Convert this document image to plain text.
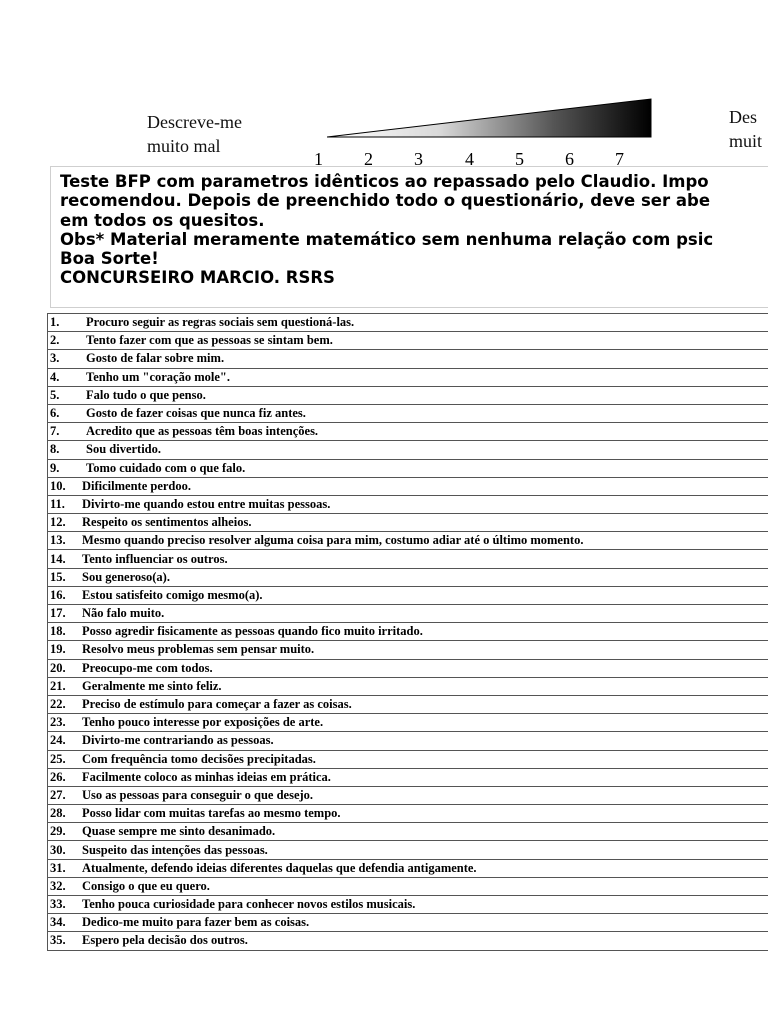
Descreve-me
muito mal
1 2 3 4 5 6 7
Des
muit
Teste BFP com parametros idênticos ao repassado pelo Claudio. Impo
recomendou. Depois de preenchido todo o questionário, deve ser abe
em todos os quesitos.
Obs* Material meramente matemático sem nenhuma relação com psic
Boa Sorte!
CONCURSEIRO MARCIO. RSRS
1.	Procuro seguir as regras sociais sem questioná-las.
2.	Tento fazer com que as pessoas se sintam bem.
3.	Gosto de falar sobre mim.
4.	Tenho um "coração mole".
5.	Falo tudo o que penso.
6.	Gosto de fazer coisas que nunca fiz antes.
7.	Acredito que as pessoas têm boas intenções.
8.	Sou divertido.
9.	Tomo cuidado com o que falo.
10.	Dificilmente perdoo.
11.	Divirto-me quando estou entre muitas pessoas.
12.	Respeito os sentimentos alheios.
13.	Mesmo quando preciso resolver alguma coisa para mim, costumo adiar até o último momento.
14.	Tento influenciar os outros.
15.	Sou generoso(a).
16.	Estou satisfeito comigo mesmo(a).
17.	Não falo muito.
18.	Posso agredir fisicamente as pessoas quando fico muito irritado.
19.	Resolvo meus problemas sem pensar muito.
20.	Preocupo-me com todos.
21.	Geralmente me sinto feliz.
22.	Preciso de estímulo para começar a fazer as coisas.
23.	Tenho pouco interesse por exposições de arte.
24.	Divirto-me contrariando as pessoas.
25.	Com frequência tomo decisões precipitadas.
26.	Facilmente coloco as minhas ideias em prática.
27.	Uso as pessoas para conseguir o que desejo.
28.	Posso lidar com muitas tarefas ao mesmo tempo.
29.	Quase sempre me sinto desanimado.
30.	Suspeito das intenções das pessoas.
31.	Atualmente, defendo ideias diferentes daquelas que defendia antigamente.
32.	Consigo o que eu quero.
33.	Tenho pouca curiosidade para conhecer novos estilos musicais.
34.	Dedico-me muito para fazer bem as coisas.
35.	Espero pela decisão dos outros.
